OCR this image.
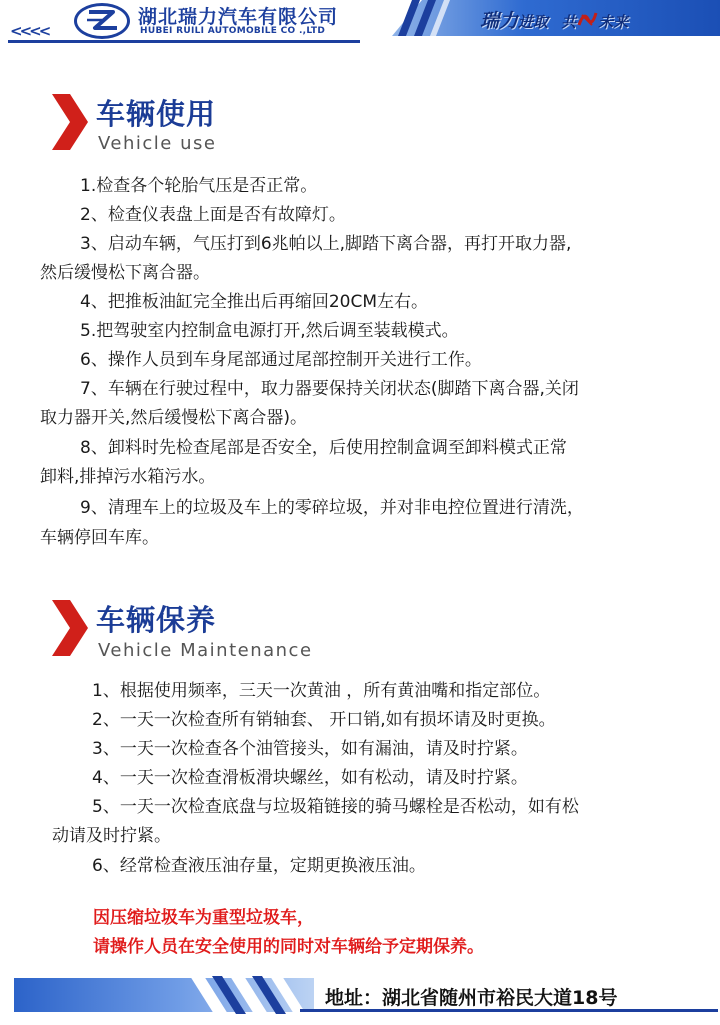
<<<<
湖北瑞力汽车有限公司
HUBEI RUILI AUTOMOBILE CO .,LTD	瑞力进取 共 未来
车辆使用
Vehicle use
1.检查各个轮胎气压是否正常。
2、检查仪表盘上面是否有故障灯。
3、启动车辆，气压打到6兆帕以上,脚踏下离合器，再打开取力器,
然后缓慢松下离合器。
4、把推板油缸完全推出后再缩回20CM左右。
5.把驾驶室内控制盒电源打开,然后调至装载模式。
6、操作人员到车身尾部通过尾部控制开关进行工作。
7、车辆在行驶过程中，取力器要保持关闭状态(脚踏下离合器,关闭
取力器开关,然后缓慢松下离合器)。
8、卸料时先检查尾部是否安全，后使用控制盒调至卸料模式正常
卸料,排掉污水箱污水。
9、清理车上的垃圾及车上的零碎垃圾，并对非电控位置进行清洗，
车辆停回车库。
车辆保养
Vehicle Maintenance
1、根据使用频率，三天一次黄油 ，所有黄油嘴和指定部位。
2、一天一次检查所有销轴套、 开口销,如有损坏请及时更换。
3、一天一次检查各个油管接头，如有漏油，请及时拧紧。
4、一天一次检查滑板滑块螺丝，如有松动，请及时拧紧。
5、一天一次检查底盘与垃圾箱链接的骑马螺栓是否松动，如有松
动请及时拧紧。
6、经常检查液压油存量，定期更换液压油。
因压缩垃圾车为重型垃圾车，
请操作人员在安全使用的同时对车辆给予定期保养。
地址：湖北省随州市裕民大道18号
